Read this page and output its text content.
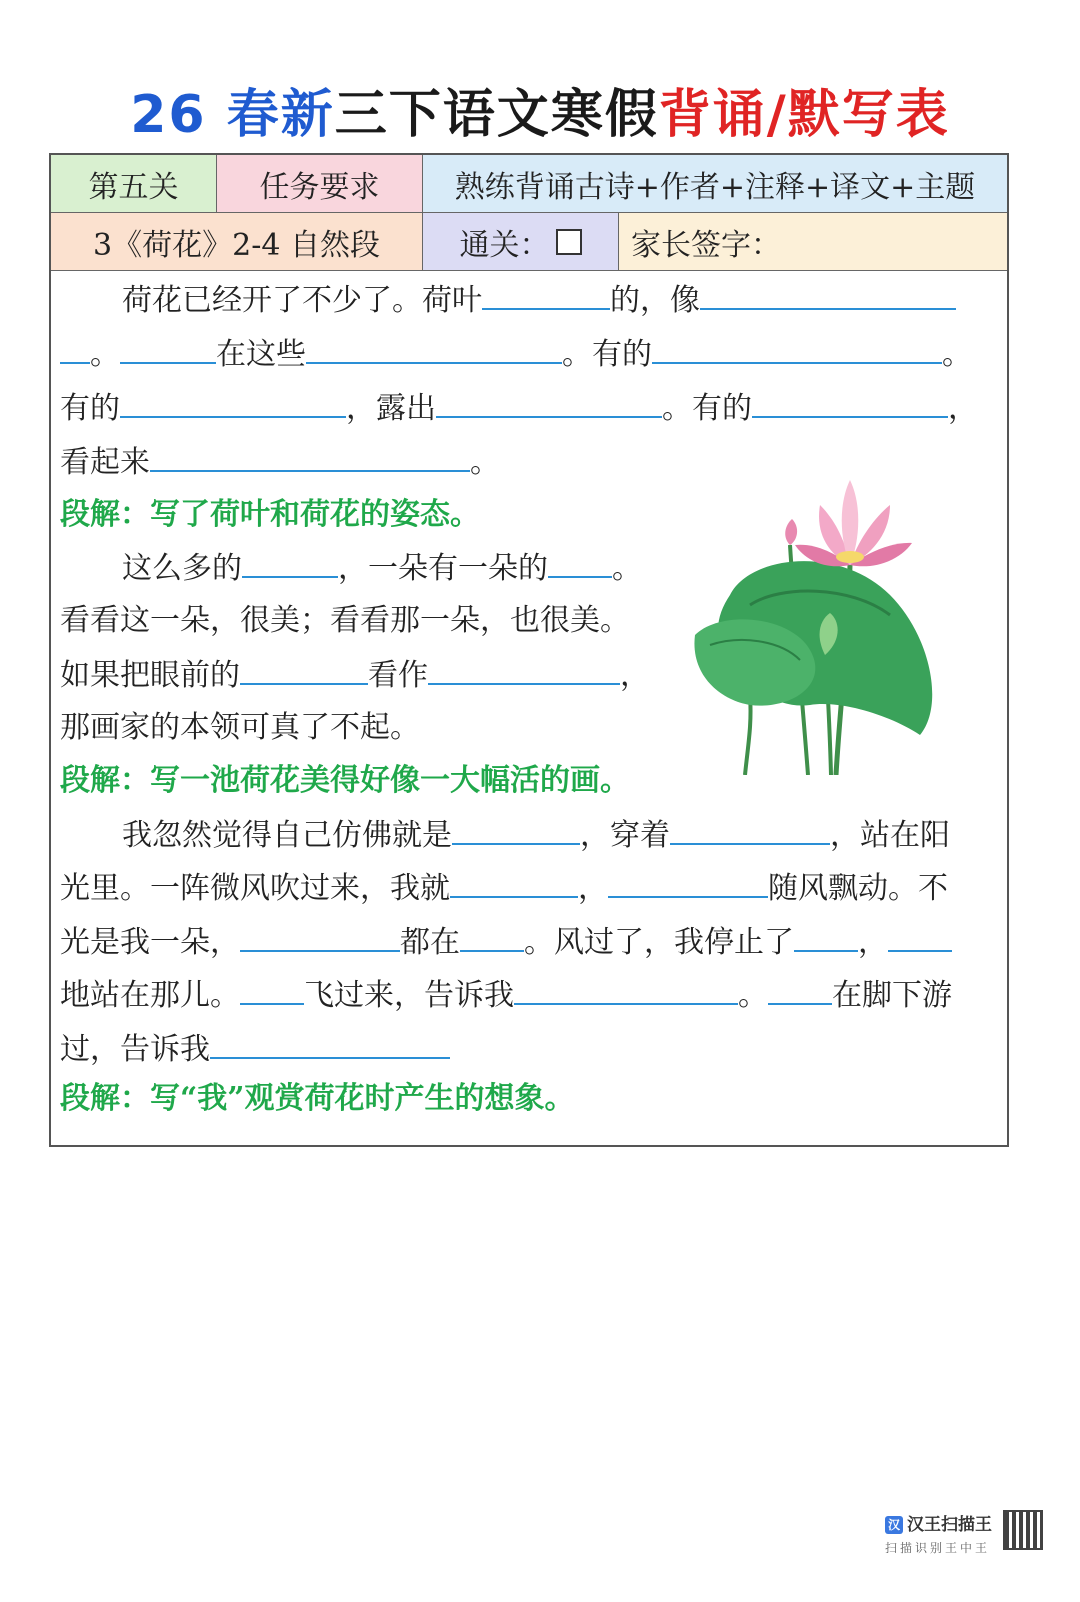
26 春新三下语文寒假背诵/默写表
第五关	任务要求	熟练背诵古诗+作者+注释+译文+主题
3《荷花》2-4 自然段	通关：	家长签字：
荷花已经开了不少了。荷叶	的，像
。	在这些	。有的	。
有的	，露出	。有的	，
看起来	。
段解：写了荷叶和荷花的姿态。
这么多的	，一朵有一朵的 。
看看这一朵，很美；看看那一朵，也很美。
如果把眼前的	看作	，
那画家的本领可真了不起。
段解：写一池荷花美得好像一大幅活的画。
我忽然觉得自己仿佛就是	，穿着	，站在阳
光里。一阵微风吹过来，我就	，	随风飘动。不
光是我一朵，	都在 。风过了，我停止了 ，
地站在那儿。 飞过来，告诉我	。 在脚下游
过，告诉我
段解：写“我”观赏荷花时产生的想象。
汉 汉王扫描王
扫描识别王中王
